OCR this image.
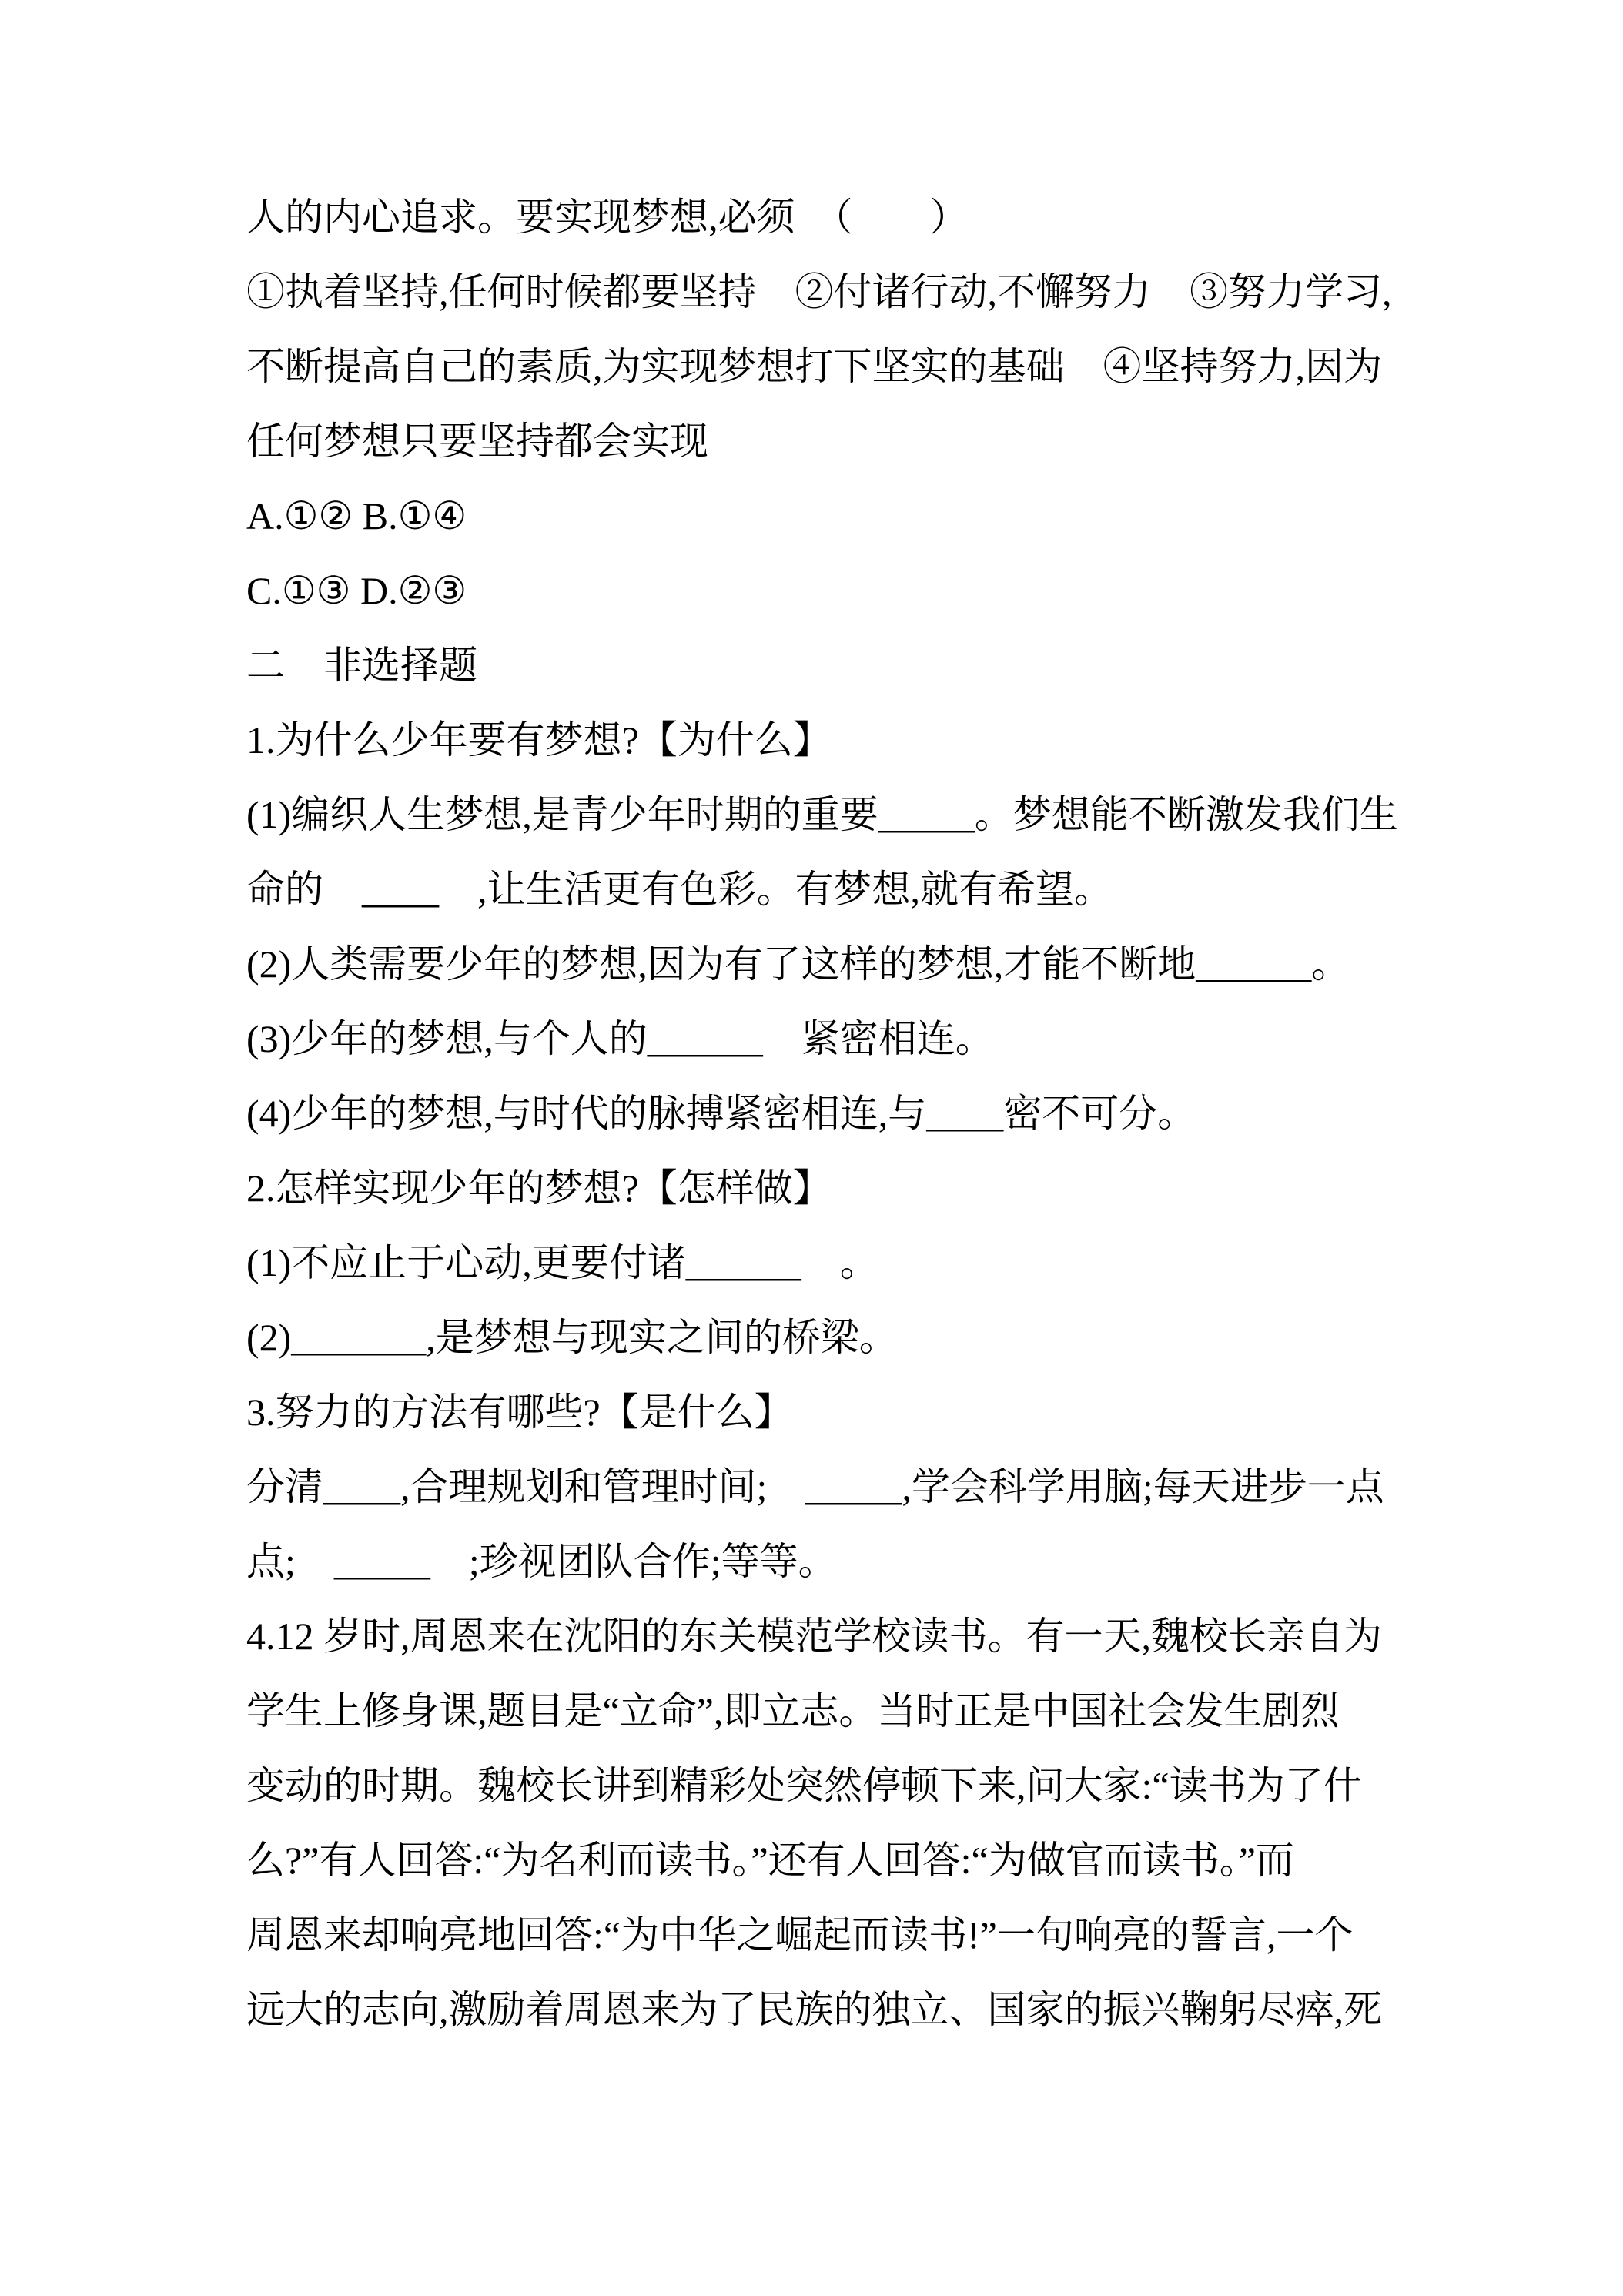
人的内心追求。要实现梦想,必须　（　　）
①执着坚持,任何时候都要坚持　②付诸行动,不懈努力　③努力学习,
不断提高自己的素质,为实现梦想打下坚实的基础　④坚持努力,因为
任何梦想只要坚持都会实现
A.①② B.①④
C.①③ D.②③
二　非选择题
1.为什么少年要有梦想?【为什么】
(1)编织人生梦想,是青少年时期的重要_____。梦想能不断激发我们生
命的　____　,让生活更有色彩。有梦想,就有希望。
(2)人类需要少年的梦想,因为有了这样的梦想,才能不断地______。
(3)少年的梦想,与个人的______　紧密相连。
(4)少年的梦想,与时代的脉搏紧密相连,与____密不可分。
2.怎样实现少年的梦想?【怎样做】
(1)不应止于心动,更要付诸______　。
(2)_______,是梦想与现实之间的桥梁。
3.努力的方法有哪些?【是什么】
分清____,合理规划和管理时间;　_____,学会科学用脑;每天进步一点
点;　_____　;珍视团队合作;等等。
4.12 岁时,周恩来在沈阳的东关模范学校读书。有一天,魏校长亲自为
学生上修身课,题目是“立命”,即立志。当时正是中国社会发生剧烈
变动的时期。魏校长讲到精彩处突然停顿下来,问大家:“读书为了什
么?”有人回答:“为名利而读书。”还有人回答:“为做官而读书。”而
周恩来却响亮地回答:“为中华之崛起而读书!”一句响亮的誓言,一个
远大的志向,激励着周恩来为了民族的独立、国家的振兴鞠躬尽瘁,死
